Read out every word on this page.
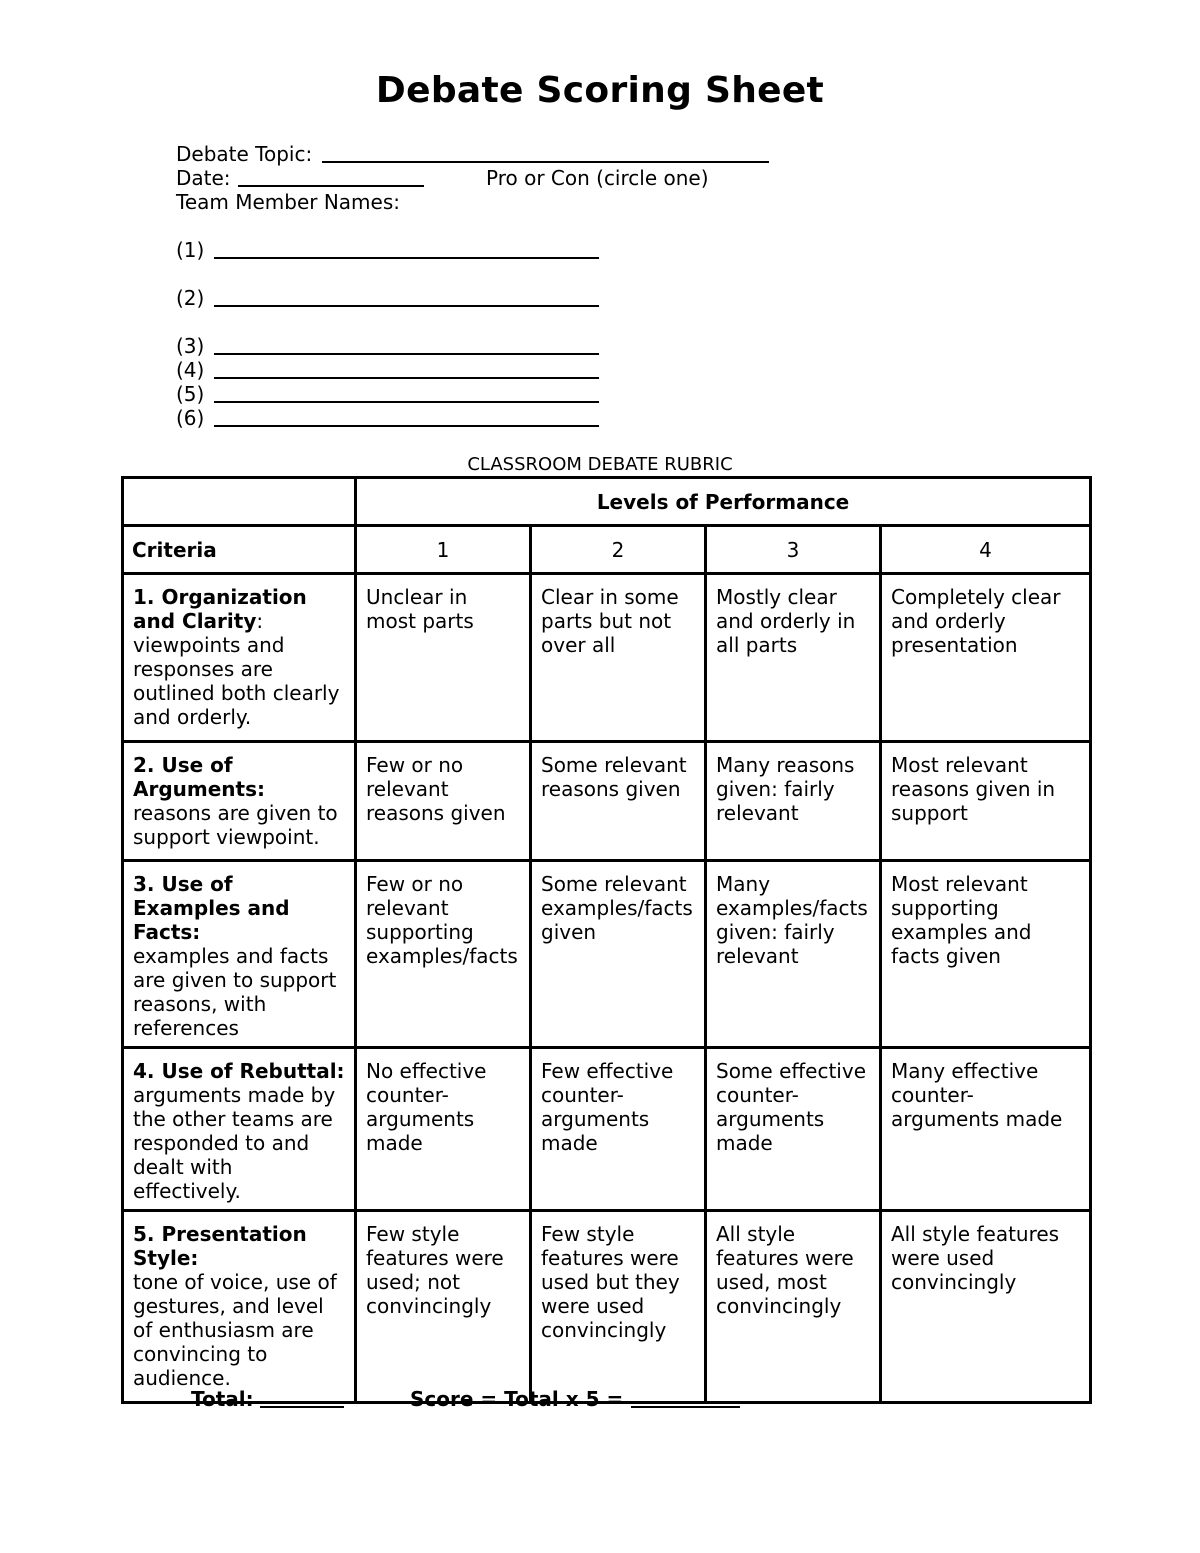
Debate Scoring Sheet
Debate Topic:
Date:	Pro or Con (circle one)
Team Member Names:
(1)
(2)
(3)
(4)
(5)
(6)
CLASSROOM DEBATE RUBRIC
	Levels of Performance			
Criteria	1	2	3	4
1. Organization and Clarity: viewpoints and responses are outlined both clearly and orderly.	Unclear in most parts	Clear in some parts but not over all	Mostly clear and orderly in all parts	Completely clear and orderly presentation

2. Use of Arguments:
reasons are given to support viewpoint.	Few or no relevant reasons given	Some relevant reasons given	Many reasons given: fairly relevant	Most relevant reasons given in support

3. Use of Examples and Facts:
examples and facts are given to support reasons, with references	Few or no relevant supporting examples/facts	Some relevant examples/facts given	Many examples/facts given: fairly relevant	Most relevant supporting examples and facts given

4. Use of Rebuttal:
arguments made by the other teams are responded to and dealt with effectively.	No effective counter-arguments made	Few effective counter-arguments made	Some effective counter-arguments made	Many effective counter-arguments made

5. Presentation Style:
tone of voice, use of gestures, and level of enthusiasm are convincing to audience.	Few style features were used; not convincingly	Few style features were used but they were used convincingly	All style features were used, most convincingly	All style features were used convincingly
Total:	Score = Total x 5 =
